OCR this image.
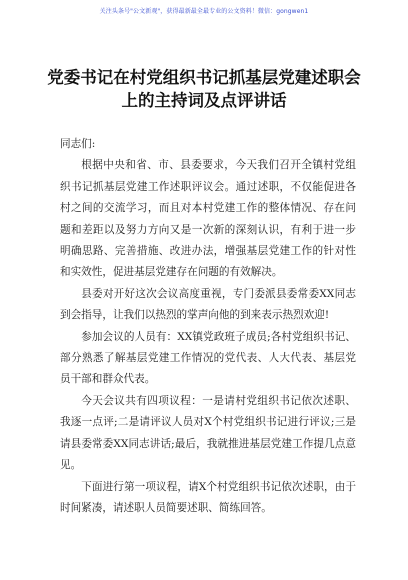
关注头条号"公文新观"，获得最新最全最专业的公文资料！微信：gongwen1
党委书记在村党组织书记抓基层党建述职会
上的主持词及点评讲话

同志们:

根据中央和省、市、县委要求，今天我们召开全镇村党组织书记抓基层党建工作述职评议会。通过述职，不仅能促进各村之间的交流学习，而且对本村党建工作的整体情况、存在问题和差距以及努力方向又是一次新的深刻认识，有利于进一步明确思路、完善措施、改进办法，增强基层党建工作的针对性和实效性，促进基层党建存在问题的有效解决。

县委对开好这次会议高度重视，专门委派县委常委XX同志到会指导，让我们以热烈的掌声向他的到来表示热烈欢迎!

参加会议的人员有：XX镇党政班子成员;各村党组织书记、部分熟悉了解基层党建工作情况的党代表、人大代表、基层党员干部和群众代表。

今天会议共有四项议程：一是请村党组织书记依次述职、我逐一点评;二是请评议人员对X个村党组织书记进行评议;三是请县委常委XX同志讲话;最后，我就推进基层党建工作提几点意见。

下面进行第一项议程，请X个村党组织书记依次述职，由于时间紧凑，请述职人员简要述职、简练回答。
